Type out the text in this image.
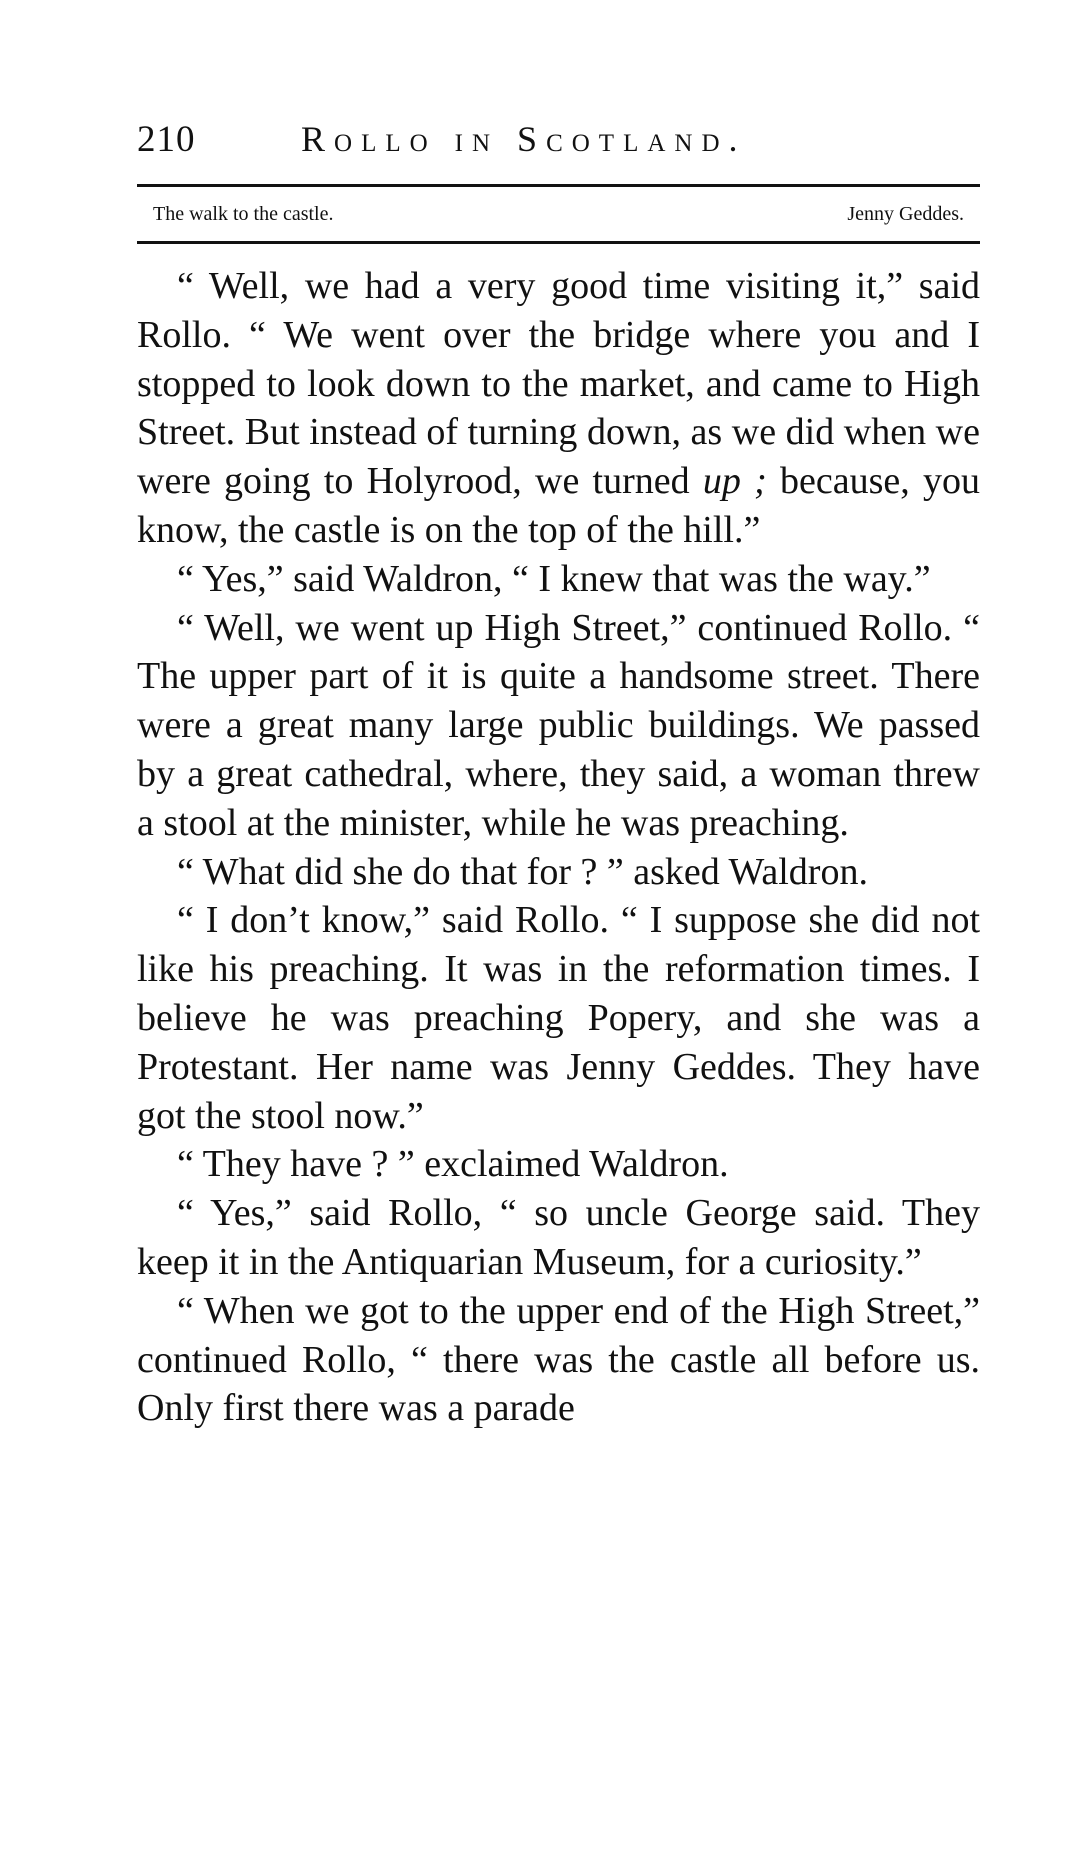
210	Rollo in Scotland.
The walk to the castle.	Jenny Geddes.

“ Well, we had a very good time visiting it,” said Rollo. “ We went over the bridge where you and I stopped to look down to the market, and came to High Street. But instead of turning down, as we did when we were going to Holyrood, we turned up ; because, you know, the castle is on the top of the hill.”

“ Yes,” said Waldron, “ I knew that was the way.”

“ Well, we went up High Street,” continued Rollo. “ The upper part of it is quite a handsome street. There were a great many large public buildings. We passed by a great cathedral, where, they said, a woman threw a stool at the minister, while he was preaching.

“ What did she do that for ? ” asked Waldron.

“ I don’t know,” said Rollo. “ I suppose she did not like his preaching. It was in the reformation times. I believe he was preaching Popery, and she was a Protestant. Her name was Jenny Geddes. They have got the stool now.”

“ They have ? ” exclaimed Waldron.

“ Yes,” said Rollo, “ so uncle George said. They keep it in the Antiquarian Museum, for a curiosity.”

“ When we got to the upper end of the High Street,” continued Rollo, “ there was the castle all before us. Only first there was a parade
